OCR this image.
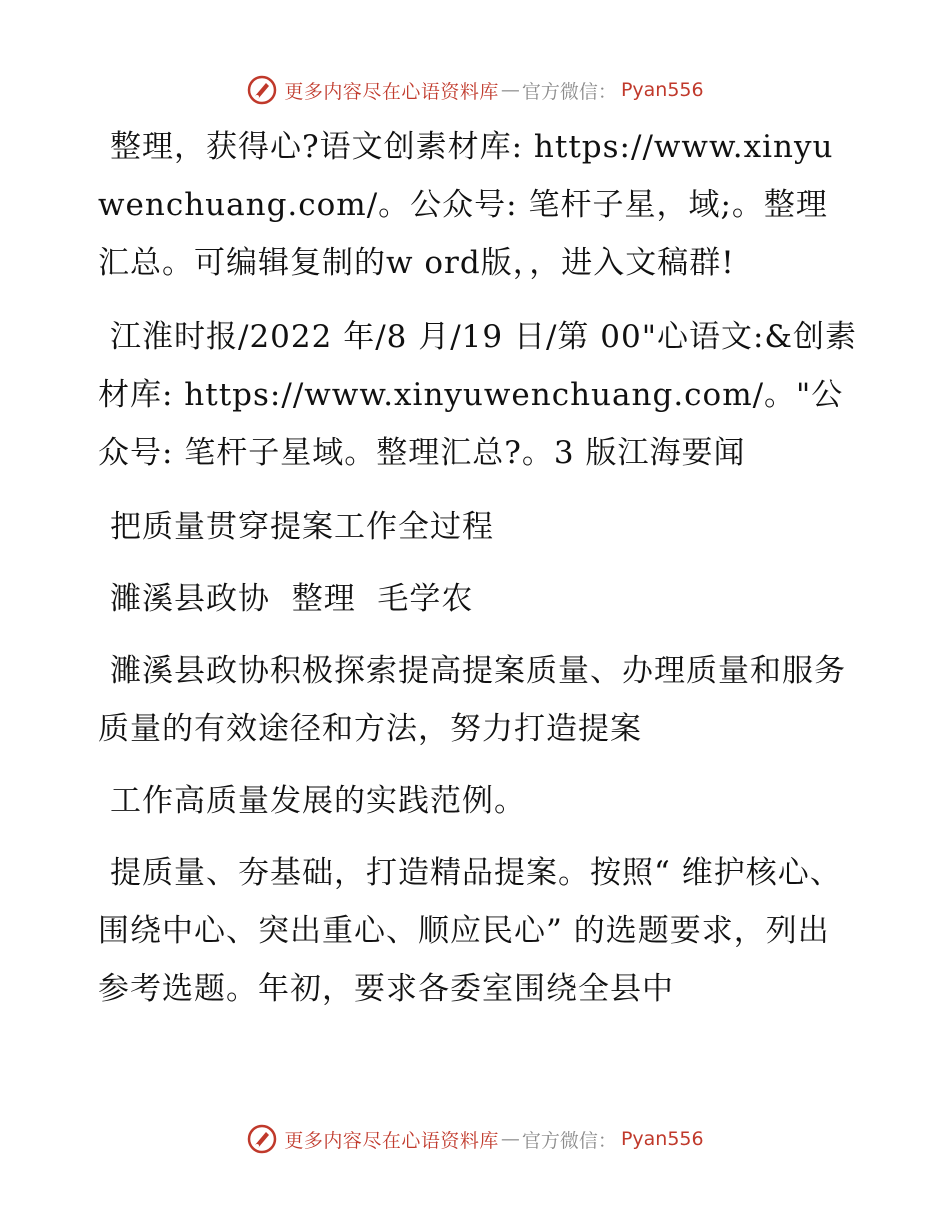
更多内容尽在心语资料库 — 官方微信： Pyan556

整理，获得心?语文创素材库: https://www.xinyuwenchuang.com/。公众号: 笔杆子星，域;。整理汇总。可编辑复制的w ord版，，进入文稿群!

江淮时报/2022 年/8 月/19 日/第 00"心语文:&创素材库: https://www.xinyuwenchuang.com/。"公众号: 笔杆子星域。整理汇总?。3 版江海要闻

把质量贯穿提案工作全过程

濉溪县政协  整理  毛学农

濉溪县政协积极探索提高提案质量、办理质量和服务质量的有效途径和方法，努力打造提案

工作高质量发展的实践范例。

提质量、夯基础，打造精品提案。按照“ 维护核心、围绕中心、突出重心、顺应民心” 的选题要求，列出参考选题。年初，要求各委室围绕全县中

更多内容尽在心语资料库 — 官方微信： Pyan556
